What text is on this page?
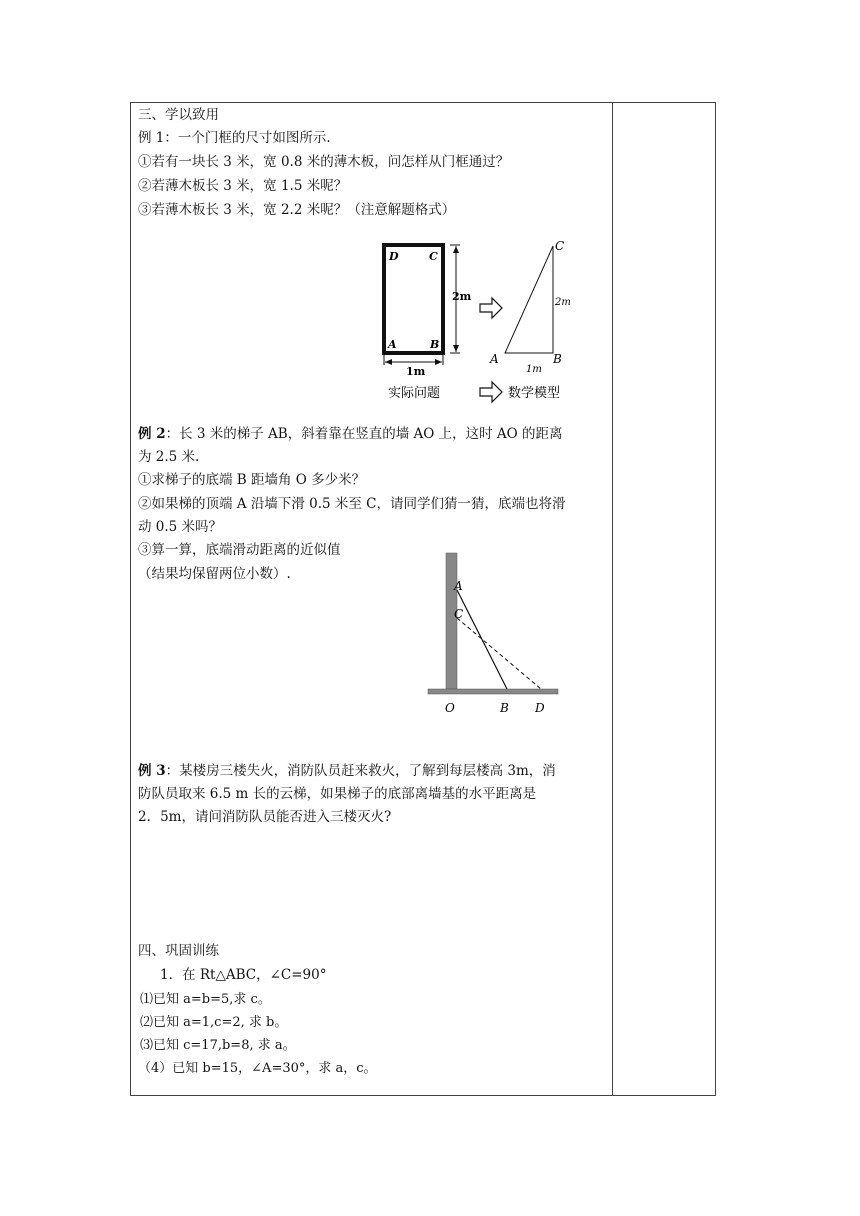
三、学以致用
例 1：一个门框的尺寸如图所示.
①若有一块长 3 米，宽 0.8 米的薄木板，问怎样从门框通过？
②若薄木板长 3 米，宽 1.5 米呢？
③若薄木板长 3 米，宽 2.2 米呢？（注意解题格式）
D	C
A	B
2m
1m
C
A	B
2m
1m
实际问题	数学模型
例 2：长 3 米的梯子 AB，斜着靠在竖直的墙 AO 上，这时 AO 的距离
为 2.5 米.
①求梯子的底端 B 距墙角 O 多少米？
②如果梯的顶端 A 沿墙下滑 0.5 米至 C，请同学们猜一猜，底端也将滑
动 0.5 米吗？
③算一算，底端滑动距离的近似值
（结果均保留两位小数）.
A
C
O	B D
例 3：某楼房三楼失火，消防队员赶来救火，了解到每层楼高 3m，消
防队员取来 6.5 m 长的云梯，如果梯子的底部离墙基的水平距离是
2．5m，请问消防队员能否进入三楼灭火?
四、巩固训练
1．在 Rt△ABC，∠C=90°
⑴已知 a=b=5,求 c。
⑵已知 a=1,c=2, 求 b。
⑶已知 c=17,b=8, 求 a。
（4）已知 b=15，∠A=30°，求 a，c。
